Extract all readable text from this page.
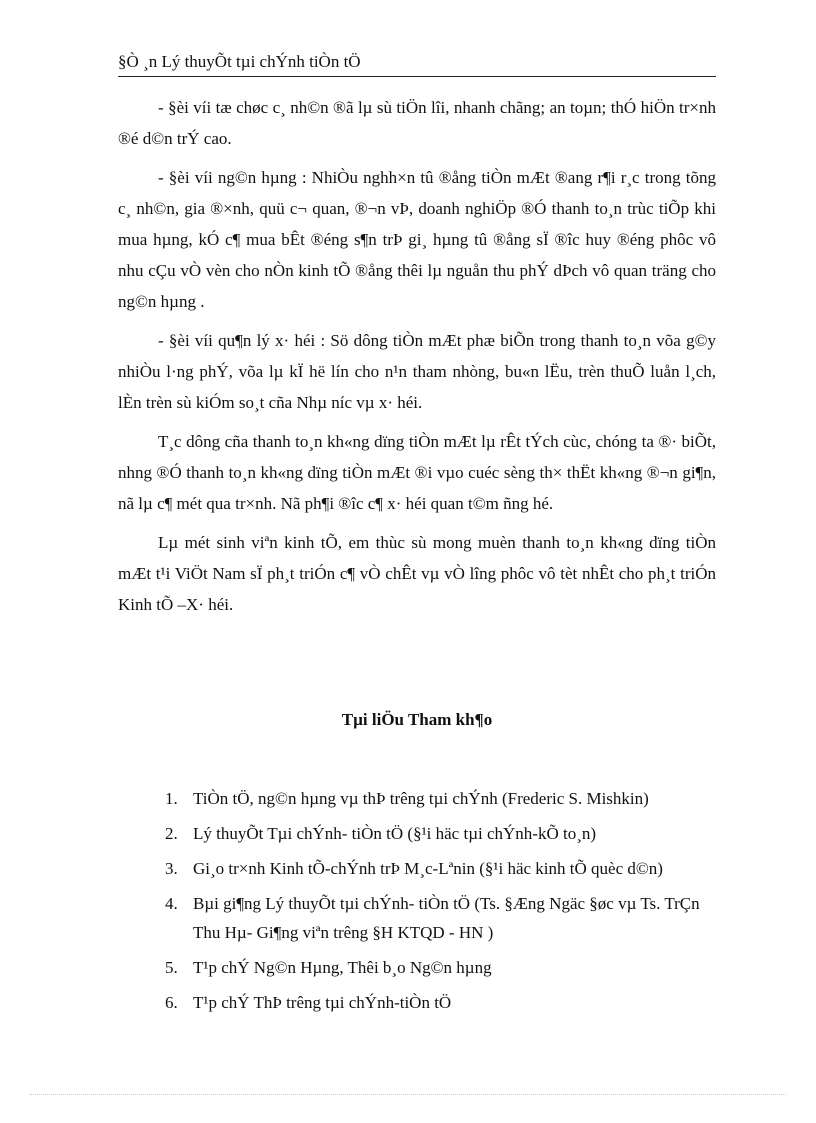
§Ò ¸n Lý thuyÕt tµi chÝnh tiÒn tÖ

- §èi víi tæ chøc c¸ nh©n ®ã lµ sù tiÖn lîi, nhanh chãng; an toµn; thÓ hiÖn tr×nh ®é d©n trÝ cao.

- §èi víi ng©n hµng : NhiÒu nghh×n tû ®ång tiÒn mÆt ®ang r¶i r¸c trong tõng c¸ nh©n, gia ®×nh, quü c¬ quan, ®¬n vÞ, doanh nghiÖp ®Ó thanh to¸n trùc tiÕp khi mua hµng, kÓ c¶ mua bÊt ®éng s¶n trÞ gi¸ hµng tû ®ång sÏ ®îc huy ®éng phôc vô nhu cÇu vÒ vèn cho nÒn kinh tÕ ®ång thêi lµ nguån thu phÝ dÞch vô quan träng cho ng©n hµng .

- §èi víi qu¶n lý x· héi : Sö dông tiÒn mÆt phæ biÕn trong thanh to¸n võa g©y nhiÒu l·ng phÝ, võa lµ kÏ hë lín cho n¹n tham nhòng, bu«n lËu, trèn thuÕ luån l¸ch, lÈn trèn sù kiÓm so¸t cña Nhµ níc vµ x· héi.

T¸c dông cña thanh to¸n kh«ng dïng tiÒn mÆt lµ rÊt tÝch cùc, chóng ta ®· biÕt, nhng ®Ó thanh to¸n kh«ng dïng tiÒn mÆt ®i vµo cuéc sèng th× thËt kh«ng ®¬n gi¶n, nã lµ c¶ mét qua tr×nh. Nã ph¶i ®îc c¶ x· héi quan t©m ñng hé.

Lµ mét sinh viªn kinh tÕ, em thùc sù mong muèn thanh to¸n kh«ng dïng tiÒn mÆt t¹i ViÖt Nam sÏ ph¸t triÓn c¶ vÒ chÊt vµ vÒ lîng phôc vô tèt nhÊt cho ph¸t triÓn Kinh tÕ –X· héi.

Tµi liÖu Tham kh¶o
1. TiÒn tÖ, ng©n hµng vµ thÞ trêng tµi chÝnh (Frederic S. Mishkin)
2. Lý thuyÕt Tµi chÝnh- tiÒn tÖ (§¹i häc tµi chÝnh-kÕ to¸n)
3. Gi¸o tr×nh Kinh tÕ-chÝnh trÞ M¸c-Lªnin (§¹i häc kinh tÕ quèc d©n)
4. Bµi gi¶ng Lý thuyÕt tµi chÝnh- tiÒn tÖ (Ts. §Æng Ngäc §øc vµ Ts. TrÇn Thu Hµ- Gi¶ng viªn trêng §H KTQD - HN )
5. T¹p chÝ Ng©n Hµng, Thêi b¸o Ng©n hµng
6. T¹p chÝ ThÞ trêng tµi chÝnh-tiÒn tÖ
